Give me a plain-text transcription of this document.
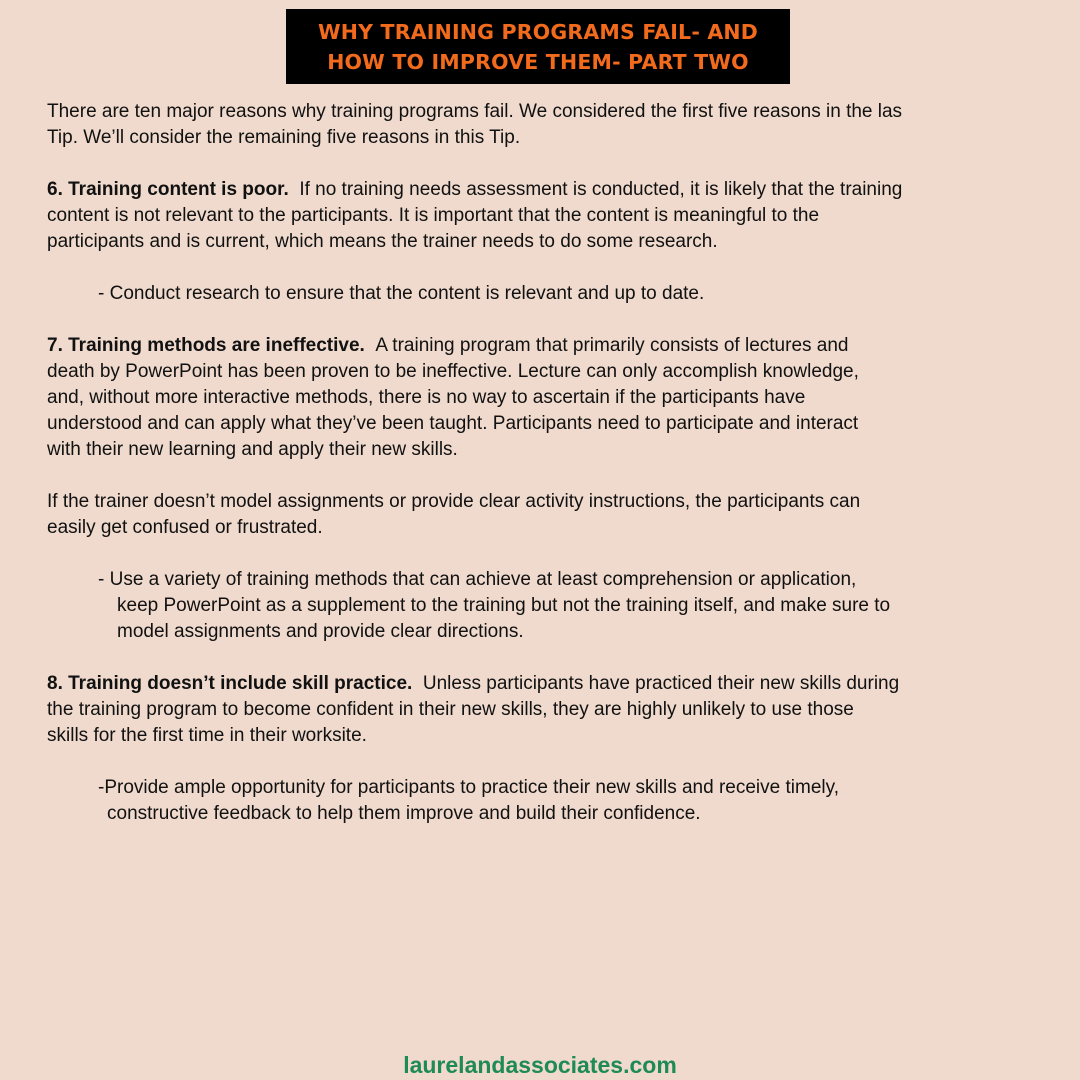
WHY TRAINING PROGRAMS FAIL- AND
HOW TO IMPROVE THEM- PART TWO

There are ten major reasons why training programs fail. We considered the first five reasons in the las
Tip. We’ll consider the remaining five reasons in this Tip.

6. Training content is poor. If no training needs assessment is conducted, it is likely that the training
content is not relevant to the participants. It is important that the content is meaningful to the
participants and is current, which means the trainer needs to do some research.

- Conduct research to ensure that the content is relevant and up to date.

7. Training methods are ineffective. A training program that primarily consists of lectures and
death by PowerPoint has been proven to be ineffective. Lecture can only accomplish knowledge,
and, without more interactive methods, there is no way to ascertain if the participants have
understood and can apply what they’ve been taught. Participants need to participate and interact
with their new learning and apply their new skills.

If the trainer doesn’t model assignments or provide clear activity instructions, the participants can
easily get confused or frustrated.

- Use a variety of training methods that can achieve at least comprehension or application,
keep PowerPoint as a supplement to the training but not the training itself, and make sure to
model assignments and provide clear directions.

8. Training doesn’t include skill practice. Unless participants have practiced their new skills during
the training program to become confident in their new skills, they are highly unlikely to use those
skills for the first time in their worksite.

-Provide ample opportunity for participants to practice their new skills and receive timely,
constructive feedback to help them improve and build their confidence.

laurelandassociates.com
